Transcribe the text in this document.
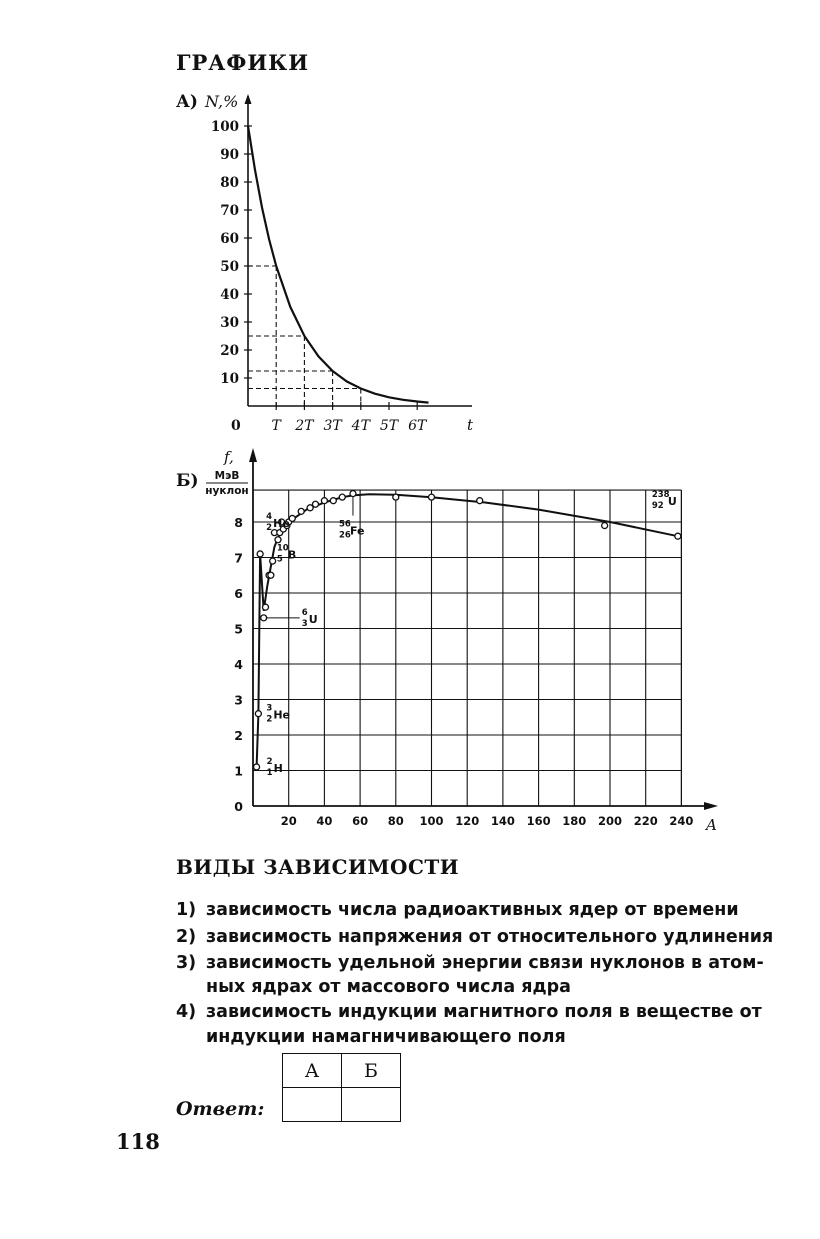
ГРАФИКИ
А) N,%
0
10
20
30
40
50
60
70
80
90
100
T 2T 3T 4T 5T 6T	t
Б)
f,
МэВ
нуклон
0
1
2
3
4
5
6
7
8
20 40 60 80 100 120 140 160 180 200 220 240 A
2
1 H
3
2 He
6
3 U
10
5 B
4
2 He	56
26 Fe
238
92 U
ВИДЫ ЗАВИСИМОСТИ
1) зависимость числа радиоактивных ядер от времени
2) зависимость напряжения от относительного удлинения
3) зависимость удельной энергии связи нуклонов в атом-
ных ядрах от массового числа ядра
4) зависимость индукции магнитного поля в веществе от
индукции намагничивающего поля
Ответ:
А	Б

118
